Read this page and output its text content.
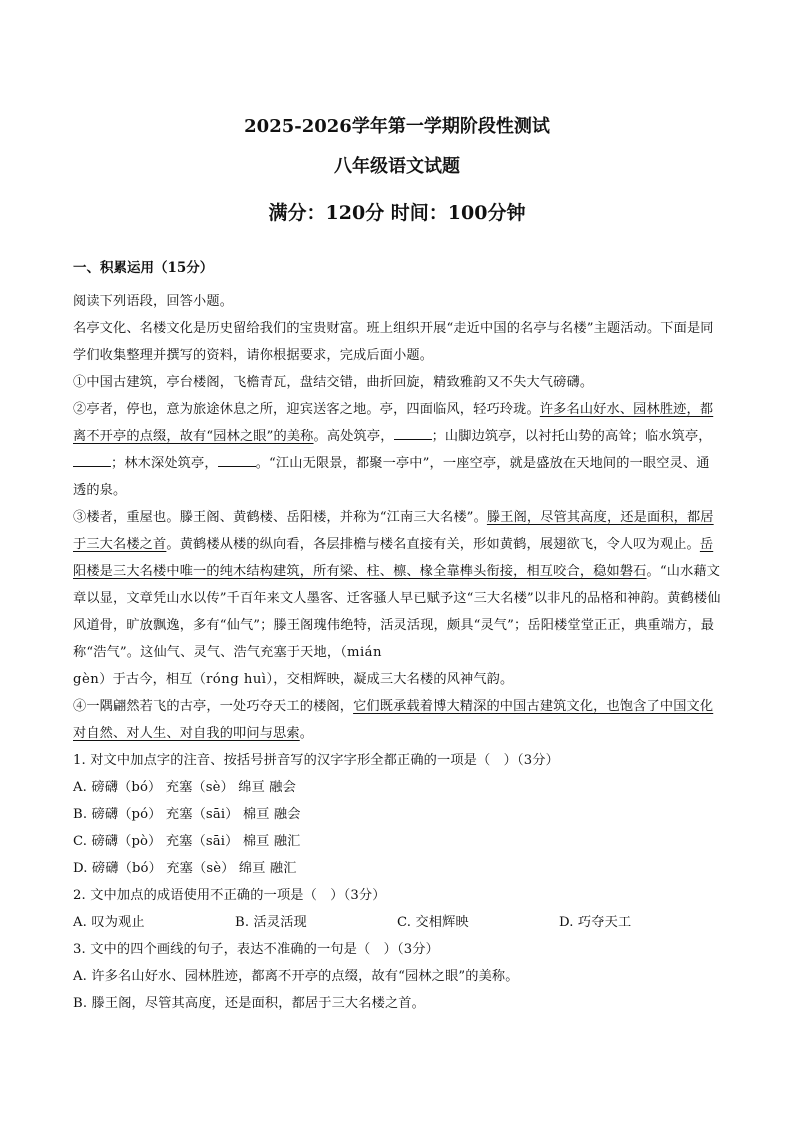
2025-2026学年第一学期阶段性测试
八年级语文试题
满分：120分 时间：100分钟
一、积累运用（15分）

阅读下列语段，回答小题。

名亭文化、名楼文化是历史留给我们的宝贵财富。班上组织开展“走近中国的名亭与名楼”主题活动。下面是同学们收集整理并撰写的资料，请你根据要求，完成后面小题。

①中国古建筑，亭台楼阁，飞檐青瓦，盘结交错，曲折回旋，精致雅韵又不失大气磅礴。

②亭者，停也，意为旅途休息之所，迎宾送客之地。亭，四面临风，轻巧玲珑。许多名山好水、园林胜迹，都离不开亭的点缀，故有“园林之眼”的美称。高处筑亭，	；山脚边筑亭，以衬托山势的高耸；临水筑亭，；林木深处筑亭，	。“江山无限景，都聚一亭中”，一座空亭，就是盛放在天地间的一眼空灵、通透的泉。

③楼者，重屋也。滕王阁、黄鹤楼、岳阳楼，并称为“江南三大名楼”。滕王阁，尽管其高度，还是面积，都居于三大名楼之首。黄鹤楼从楼的纵向看，各层排檐与楼名直接有关，形如黄鹤，展翅欲飞，令人叹为观止。岳阳楼是三大名楼中唯一的纯木结构建筑，所有梁、柱、檩、椽全靠榫头衔接，相互咬合，稳如磐石。“山水藉文章以显，文章凭山水以传”千百年来文人墨客、迁客骚人早已赋予这“三大名楼”以非凡的品格和神韵。黄鹤楼仙风道骨，旷放飘逸，多有“仙气”；滕王阁瑰伟绝特，活灵活现，颇具“灵气”；岳阳楼堂堂正正，典重端方，最称“浩气”。这仙气、灵气、浩气充塞于天地，（mián
gèn）于古今，相互（róng huì），交相辉映，凝成三大名楼的风神气韵。

④一隅翩然若飞的古亭，一处巧夺天工的楼阁，它们既承载着博大精深的中国古建筑文化，也饱含了中国文化对自然、对人生、对自我的叩问与思索。

1. 对文中加点字的注音、按括号拼音写的汉字字形全都正确的一项是（　）（3分）

A. 磅礴（bó） 充塞（sè） 绵亘 融会

B. 磅礴（pó） 充塞（sāi） 棉亘 融会

C. 磅礴（pò） 充塞（sāi） 棉亘 融汇

D. 磅礴（bó） 充塞（sè） 绵亘 融汇

2. 文中加点的成语使用不正确的一项是（　）（3分）

A. 叹为观止	B. 活灵活现	C. 交相辉映	D. 巧夺天工

3. 文中的四个画线的句子，表达不准确的一句是（　）（3分）

A. 许多名山好水、园林胜迹，都离不开亭的点缀，故有“园林之眼”的美称。

B. 滕王阁，尽管其高度，还是面积，都居于三大名楼之首。
